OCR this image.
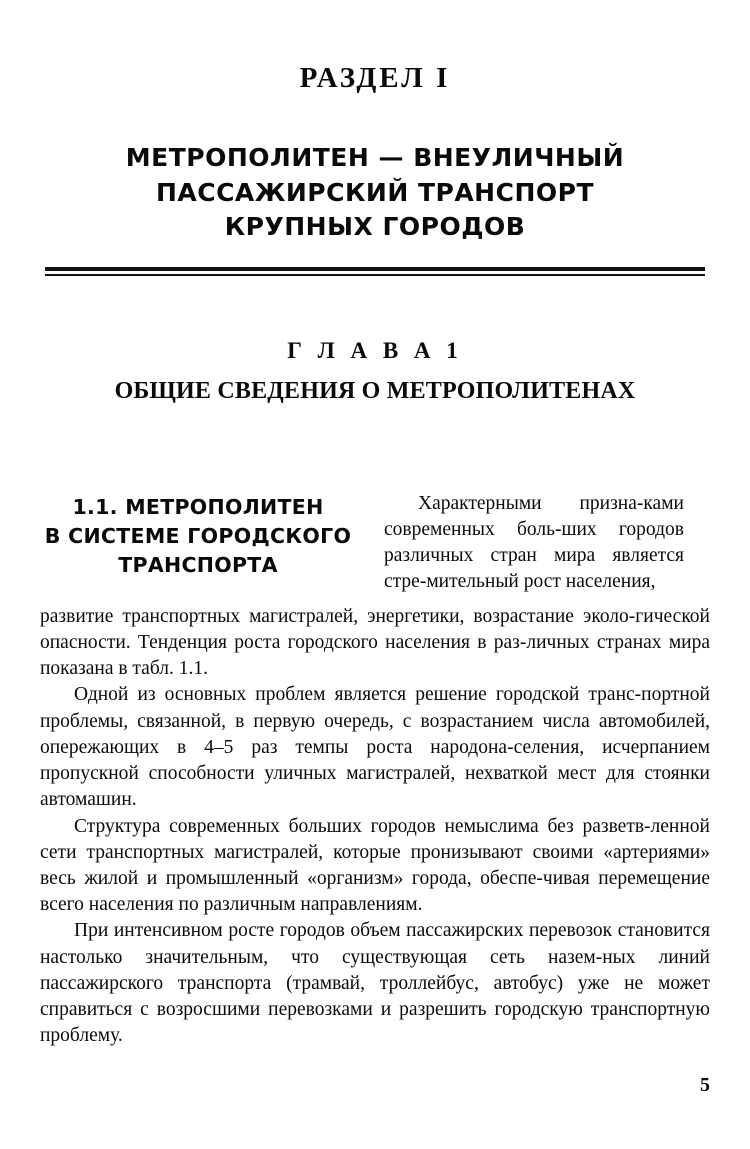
РАЗДЕЛ I
МЕТРОПОЛИТЕН — ВНЕУЛИЧНЫЙ
ПАССАЖИРСКИЙ ТРАНСПОРТ
КРУПНЫХ ГОРОДОВ
Г Л А В А 1
ОБЩИЕ СВЕДЕНИЯ О МЕТРОПОЛИТЕНАХ
1.1. МЕТРОПОЛИТЕН
В СИСТЕМЕ ГОРОДСКОГО
ТРАНСПОРТА

Характерными призна-ками современных боль-ших городов различных стран мира является стре-мительный рост населения,

развитие транспортных магистралей, энергетики, возрастание эколо-гической опасности. Тенденция роста городского населения в раз-личных странах мира показана в табл. 1.1.

Одной из основных проблем является решение городской транс-портной проблемы, связанной, в первую очередь, с возрастанием числа автомобилей, опережающих в 4–5 раз темпы роста народона-селения, исчерпанием пропускной способности уличных магистралей, нехваткой мест для стоянки автомашин.

Структура современных больших городов немыслима без разветв-ленной сети транспортных магистралей, которые пронизывают своими «артериями» весь жилой и промышленный «организм» города, обеспе-чивая перемещение всего населения по различным направлениям.

При интенсивном росте городов объем пассажирских перевозок становится настолько значительным, что существующая сеть назем-ных линий пассажирского транспорта (трамвай, троллейбус, автобус) уже не может справиться с возросшими перевозками и разрешить городскую транспортную проблему.

5
